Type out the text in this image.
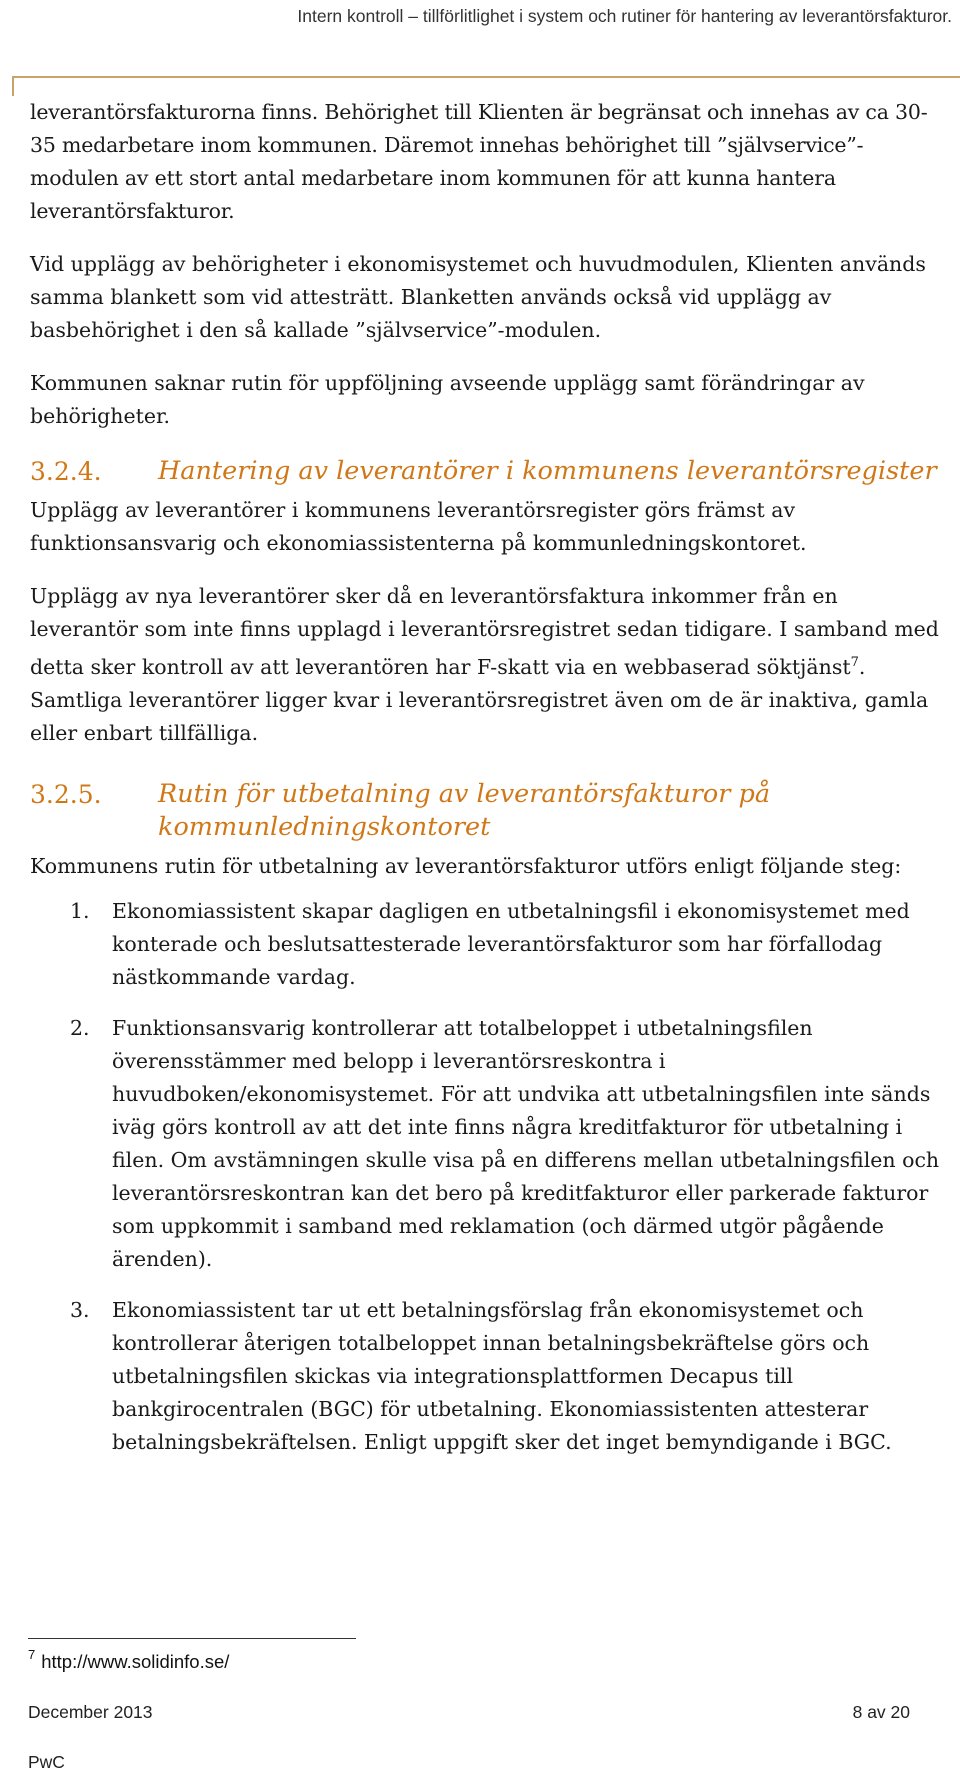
Intern kontroll – tillförlitlighet i system och rutiner för hantering av leverantörsfakturor.

leverantörsfakturorna finns. Behörighet till Klienten är begränsat och innehas av ca 30-35 medarbetare inom kommunen. Däremot innehas behörighet till ”självservice”-modulen av ett stort antal medarbetare inom kommunen för att kunna hantera leverantörsfakturor.

Vid upplägg av behörigheter i ekonomisystemet och huvudmodulen, Klienten används samma blankett som vid attesträtt. Blanketten används också vid upplägg av basbehörighet i den så kallade ”självservice”-modulen.

Kommunen saknar rutin för uppföljning avseende upplägg samt förändringar av behörigheter.

3.2.4. Hantering av leverantörer i kommunens leverantörsregister

Upplägg av leverantörer i kommunens leverantörsregister görs främst av funktionsansvarig och ekonomiassistenterna på kommunledningskontoret.

Upplägg av nya leverantörer sker då en leverantörsfaktura inkommer från en leverantör som inte finns upplagd i leverantörsregistret sedan tidigare. I samband med detta sker kontroll av att leverantören har F-skatt via en webbaserad söktjänst$^7$. Samtliga leverantörer ligger kvar i leverantörsregistret även om de är inaktiva, gamla eller enbart tillfälliga.

3.2.5. Rutin för utbetalning av leverantörsfakturor på kommunledningskontoret

Kommunens rutin för utbetalning av leverantörsfakturor utförs enligt följande steg:

1. Ekonomiassistent skapar dagligen en utbetalningsfil i ekonomisystemet med konterade och beslutsattesterade leverantörsfakturor som har förfallodag nästkommande vardag.
2. Funktionsansvarig kontrollerar att totalbeloppet i utbetalningsfilen överensstämmer med belopp i leverantörsreskontra i huvudboken/ekonomisystemet. För att undvika att utbetalningsfilen inte sänds iväg görs kontroll av att det inte finns några kreditfakturor för utbetalning i filen. Om avstämningen skulle visa på en differens mellan utbetalningsfilen och leverantörsreskontran kan det bero på kreditfakturor eller parkerade fakturor som uppkommit i samband med reklamation (och därmed utgör pågående ärenden).
3. Ekonomiassistent tar ut ett betalningsförslag från ekonomisystemet och kontrollerar återigen totalbeloppet innan betalningsbekräftelse görs och utbetalningsfilen skickas via integrationsplattformen Decapus till bankgirocentralen (BGC) för utbetalning. Ekonomiassistenten attesterar betalningsbekräftelsen. Enligt uppgift sker det inget bemyndigande i BGC.
$^7$ http://www.solidinfo.se/
December 2013	8 av 20
PwC
